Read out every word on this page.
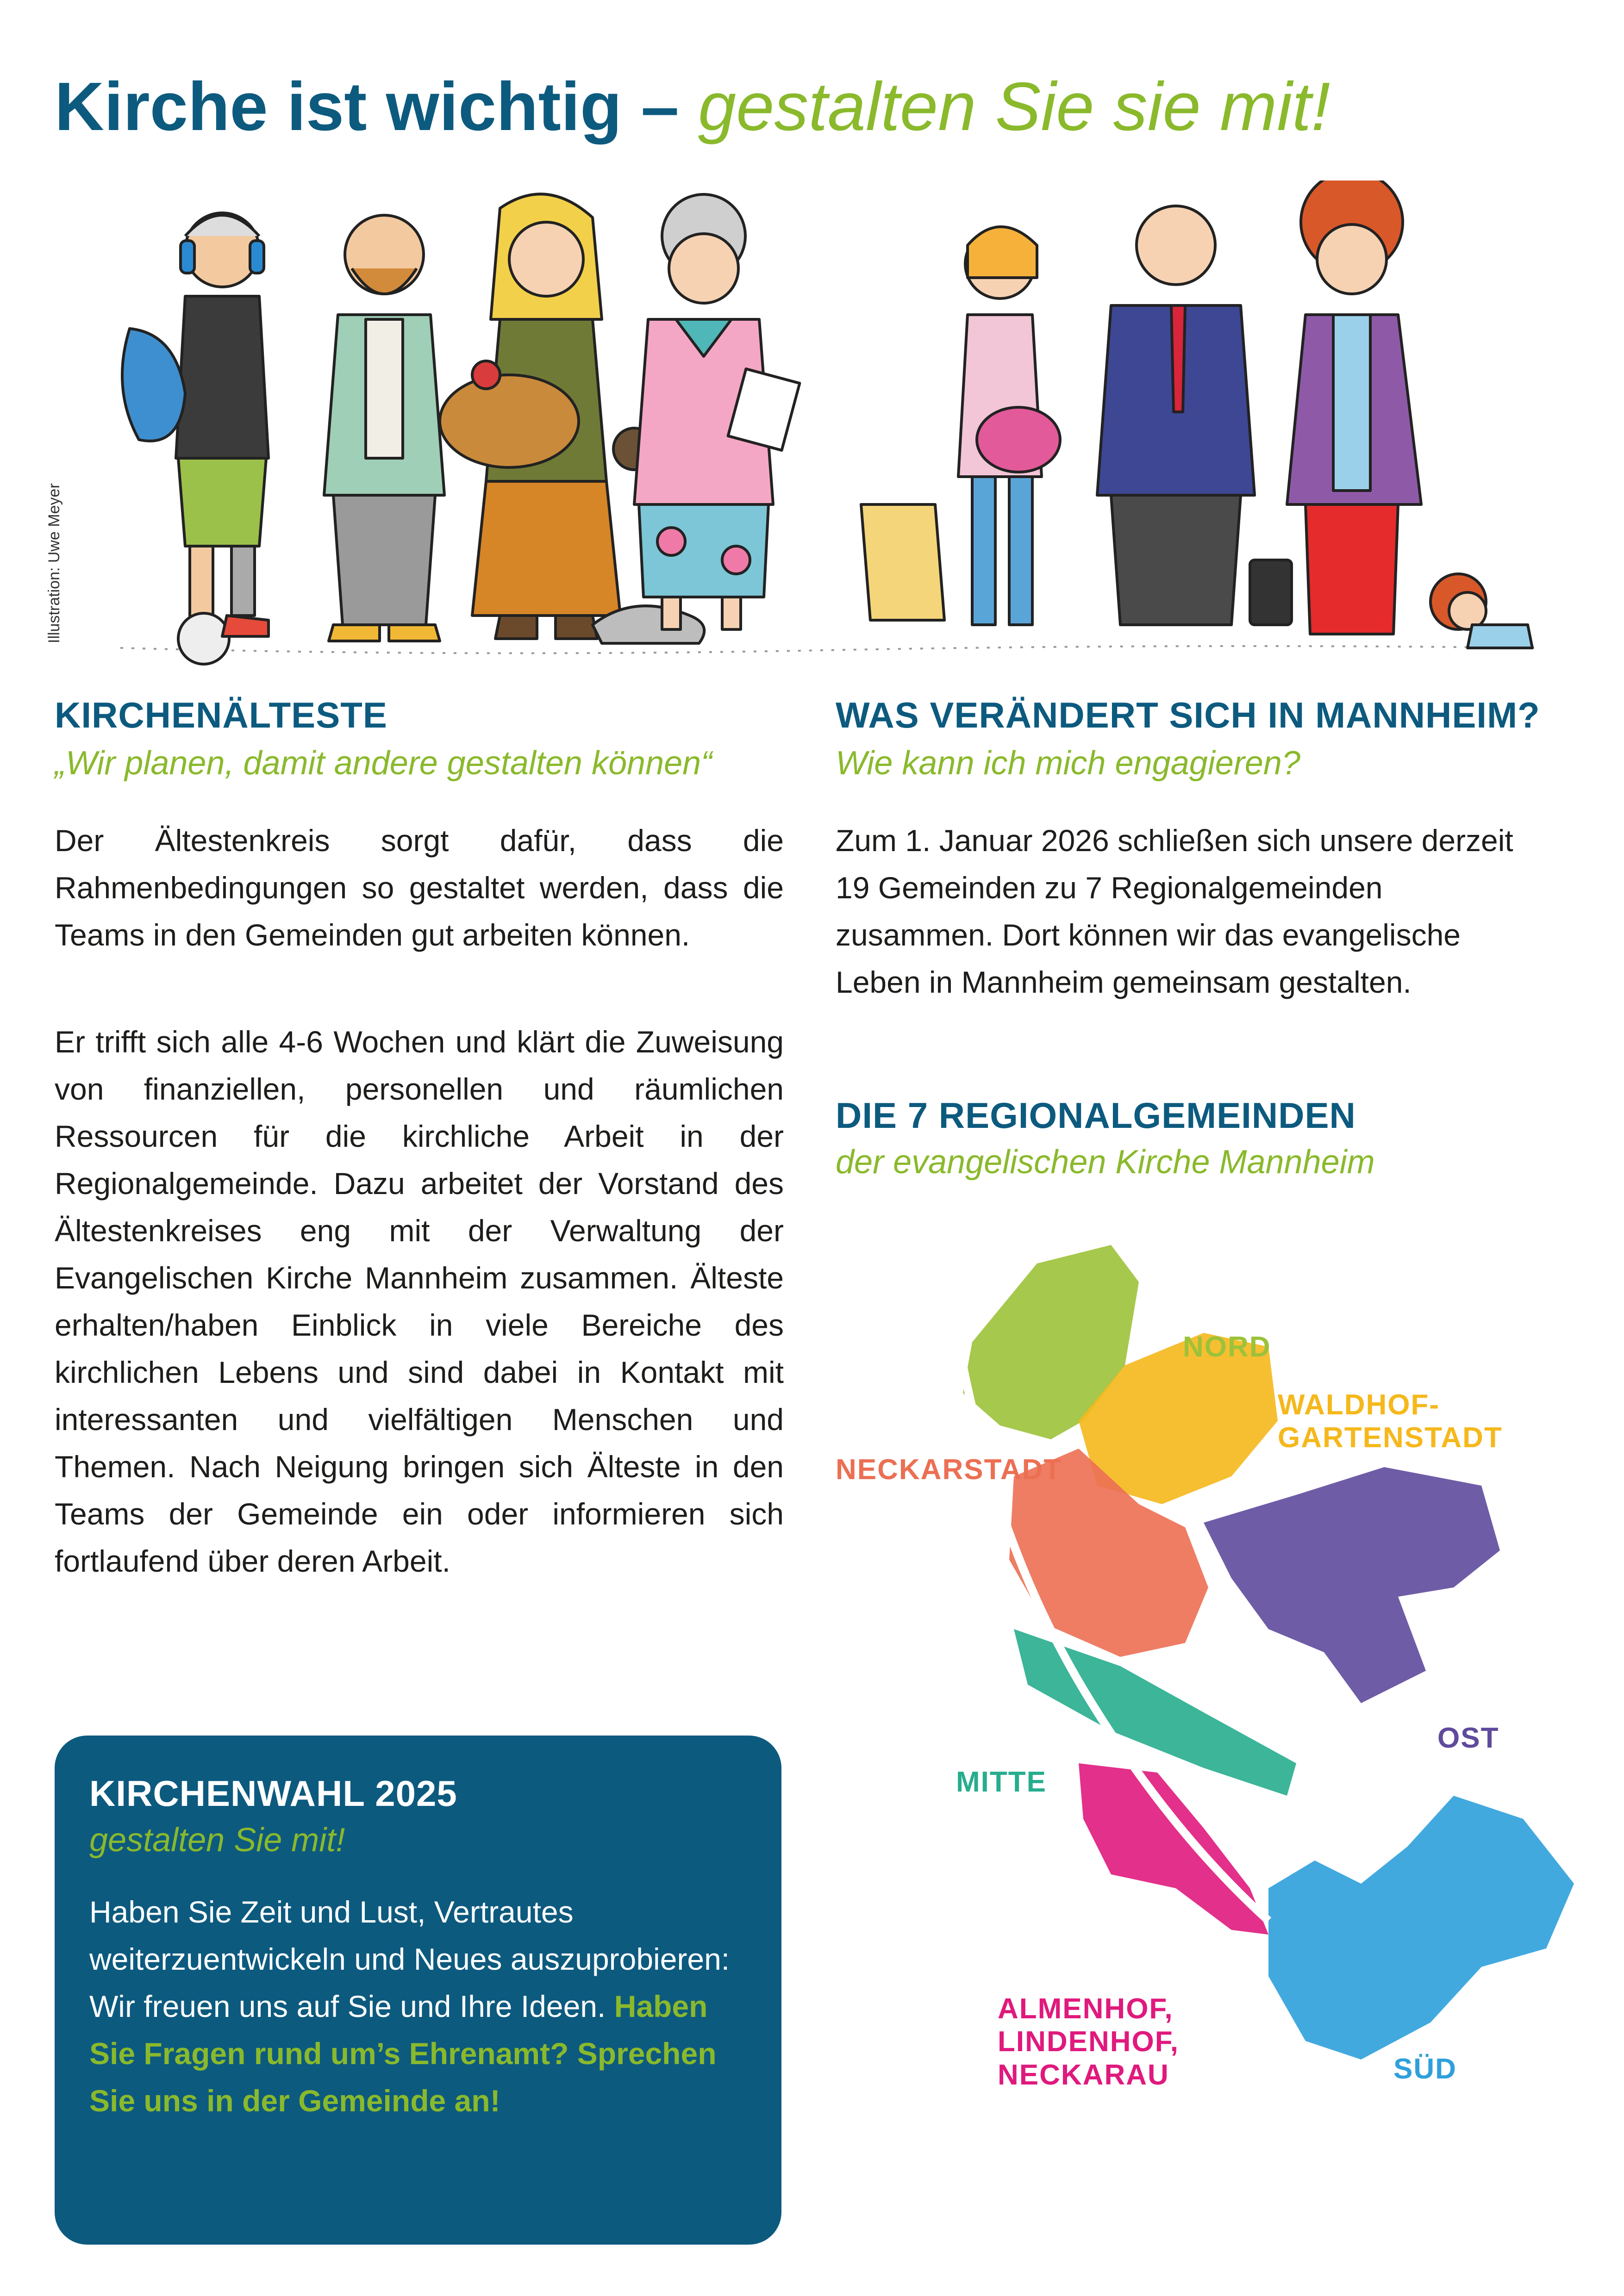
Kirche ist wichtig – gestalten Sie sie mit!
Illustration: Uwe Meyer
KIRCHENÄLTESTE
„Wir planen, damit andere gestalten können“
Der Ältestenkreis sorgt dafür, dass die Rahmenbedingungen so gestaltet werden, dass die Teams in den Gemeinden gut arbeiten können.
Er trifft sich alle 4-6 Wochen und klärt die Zuweisung von finanziellen, personellen und räumlichen Ressourcen für die kirchliche Arbeit in der Regionalgemeinde. Dazu arbeitet der Vorstand des Ältestenkreises eng mit der Verwaltung der Evangelischen Kirche Mannheim zusammen. Älteste erhalten/haben Einblick in viele Bereiche des kirchlichen Lebens und sind dabei in Kontakt mit interessanten und vielfältigen Menschen und Themen. Nach Neigung bringen sich Älteste in den Teams der Gemeinde ein oder informieren sich fortlaufend über deren Arbeit.
KIRCHENWAHL 2025
gestalten Sie mit!
Haben Sie Zeit und Lust, Vertrautes weiterzuentwickeln und Neues auszuprobieren: Wir freuen uns auf Sie und Ihre Ideen. Haben Sie Fragen rund um’s Ehrenamt? Sprechen Sie uns in der Gemeinde an!
WAS VERÄNDERT SICH IN MANNHEIM?
Wie kann ich mich engagieren?
Zum 1. Januar 2026 schließen sich unsere derzeit 19 Gemeinden zu 7 Regionalgemeinden zusammen. Dort können wir das evangelische Leben in Mannheim gemeinsam gestalten.
DIE 7 REGIONALGEMEINDEN
der evangelischen Kirche Mannheim
NORD
WALDHOF-
GARTENSTADT
NECKARSTADT
OST
MITTE
ALMENHOF,
LINDENHOF,
NECKARAU	SÜD
